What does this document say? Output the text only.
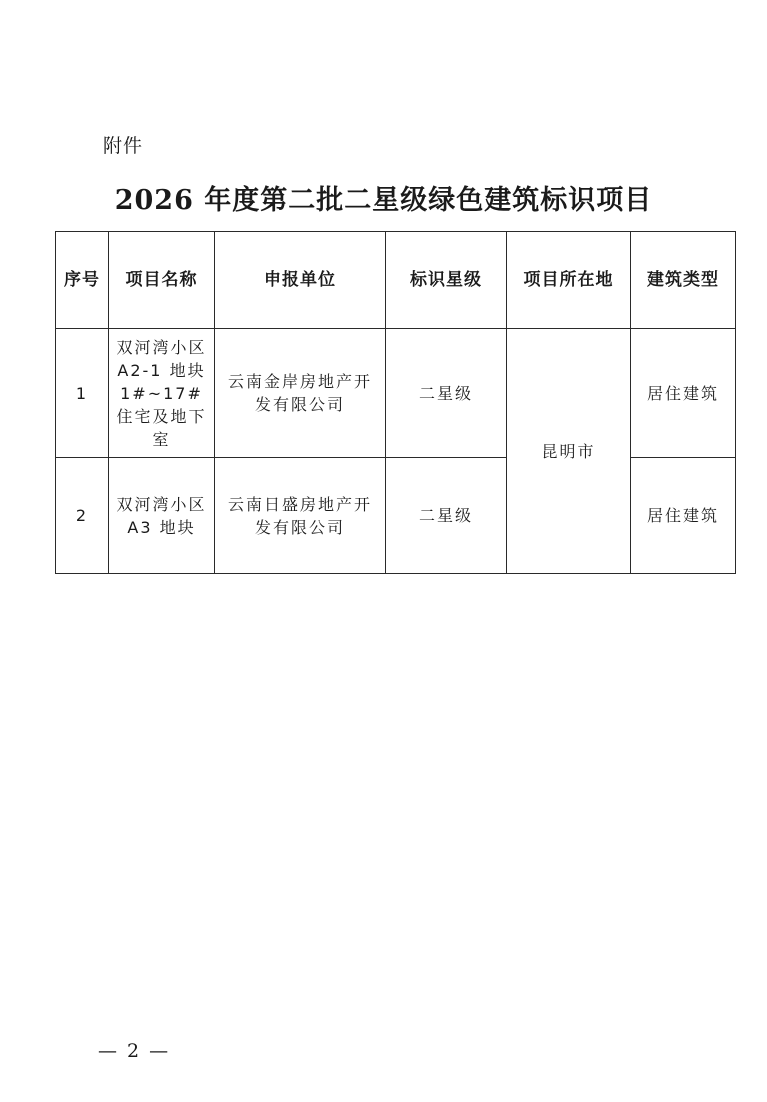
附件
2026 年度第二批二星级绿色建筑标识项目
序号	项目名称	申报单位	标识星级	项目所在地	建筑类型
1	双河湾小区 A2-1 地块 1#~17# 住宅及地下室	云南金岸房地产开发有限公司	二星级	昆明市	居住建筑
2	双河湾小区 A3 地块	云南日盛房地产开发有限公司	二星级		居住建筑
— 2 —
